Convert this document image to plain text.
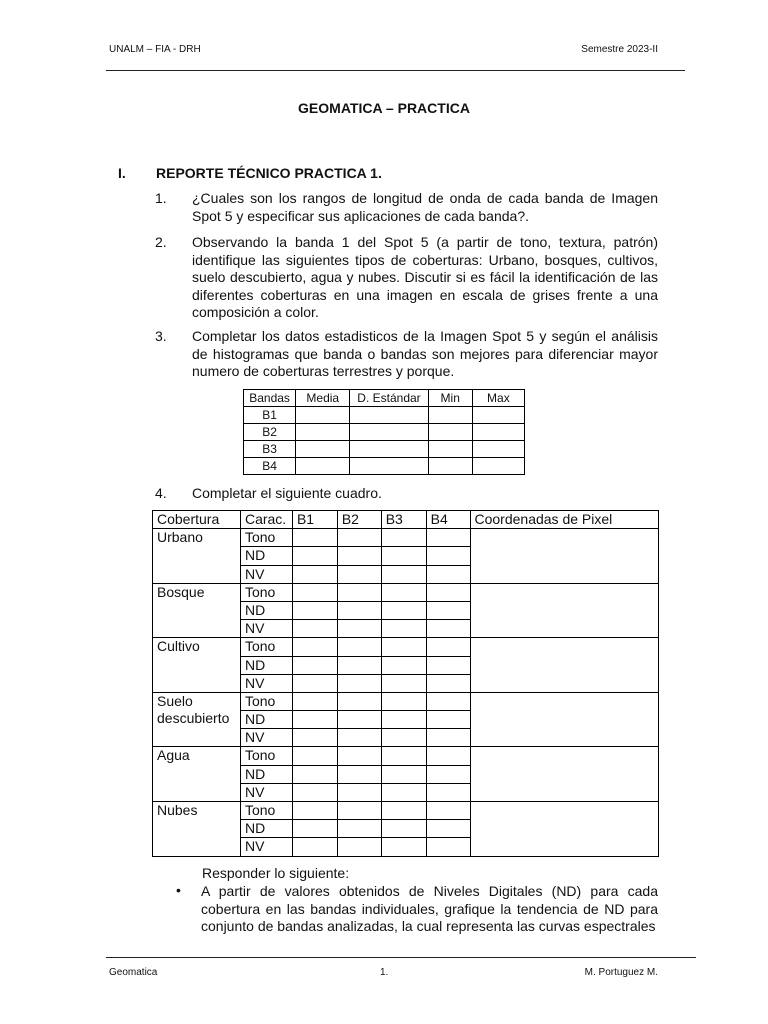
UNALM – FIA - DRH	Semestre 2023-II
GEOMATICA – PRACTICA
I. REPORTE TÉCNICO PRACTICA 1.
1. ¿Cuales son los rangos de longitud de onda de cada banda de Imagen Spot 5 y especificar sus aplicaciones de cada banda?.
2. Observando la banda 1 del Spot 5 (a partir de tono, textura, patrón) identifique las siguientes tipos de coberturas: Urbano, bosques, cultivos, suelo descubierto, agua y nubes. Discutir si es fácil la identificación de las diferentes coberturas en una imagen en escala de grises frente a una composición a color.
3. Completar los datos estadisticos de la Imagen Spot 5 y según el análisis de histogramas que banda o bandas son mejores para diferenciar mayor numero de coberturas terrestres y porque.
Bandas	Media	D. Estándar	Min	Max
B1				
B2				
B3				
B4				
4. Completar el siguiente cuadro.
Cobertura	Carac.	B1	B2	B3	B4	Coordenadas de Pixel
Urbano	Tono					
	ND					
	NV					
Bosque	Tono					
	ND					
	NV					
Cultivo	Tono					
	ND					
	NV					
Suelo descubierto	Tono					
	ND					
	NV					
Agua	Tono					
	ND					
	NV					
Nubes	Tono					
	ND					
	NV					
Responder lo siguiente:
• A partir de valores obtenidos de Niveles Digitales (ND) para cada cobertura en las bandas individuales, grafique la tendencia de ND para conjunto de bandas analizadas, la cual representa las curvas espectrales
Geomatica	1.	M. Portuguez M.
